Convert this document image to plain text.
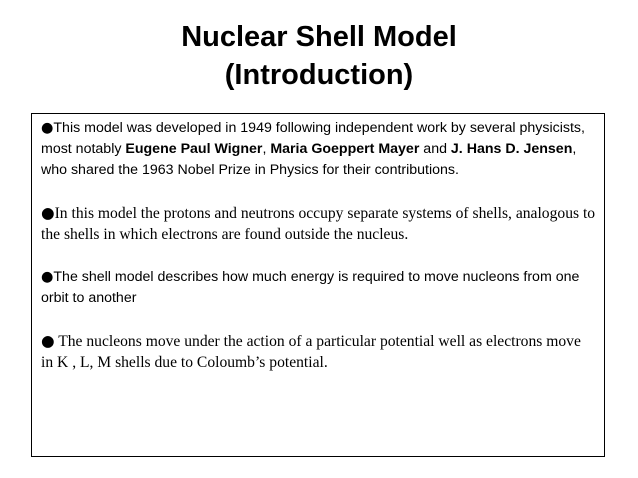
Nuclear Shell Model
(Introduction)

●This model was developed in 1949 following independent work by several physicists, most notably Eugene Paul Wigner, Maria Goeppert Mayer and J. Hans D. Jensen, who shared the 1963 Nobel Prize in Physics for their contributions.

●In this model the protons and neutrons occupy separate systems of shells, analogous to the shells in which electrons are found outside the nucleus.

●The shell model describes how much energy is required to move nucleons from one orbit to another

● The nucleons move under the action of a particular potential well as electrons move in K , L, M shells due to Coloumb’s potential.
